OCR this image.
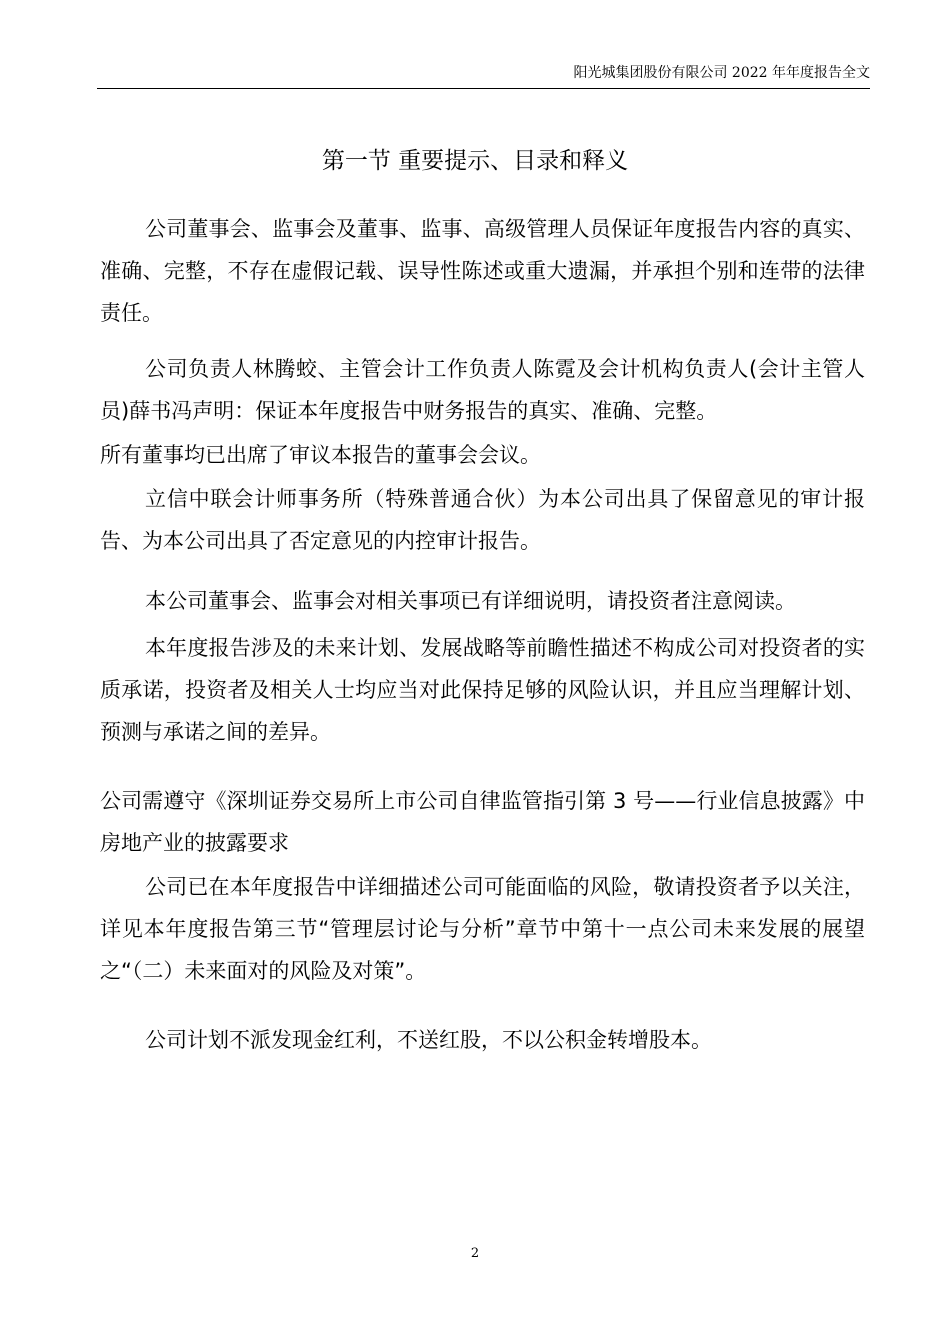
阳光城集团股份有限公司 2022 年年度报告全文
第一节 重要提示、目录和释义

公司董事会、监事会及董事、监事、高级管理人员保证年度报告内容的真实、准确、完整，不存在虚假记载、误导性陈述或重大遗漏，并承担个别和连带的法律责任。

公司负责人林腾蛟、主管会计工作负责人陈霓及会计机构负责人(会计主管人员)薛书冯声明：保证本年度报告中财务报告的真实、准确、完整。

所有董事均已出席了审议本报告的董事会会议。

立信中联会计师事务所（特殊普通合伙）为本公司出具了保留意见的审计报告、为本公司出具了否定意见的内控审计报告。

本公司董事会、监事会对相关事项已有详细说明，请投资者注意阅读。

本年度报告涉及的未来计划、发展战略等前瞻性描述不构成公司对投资者的实质承诺，投资者及相关人士均应当对此保持足够的风险认识，并且应当理解计划、预测与承诺之间的差异。

公司需遵守《深圳证券交易所上市公司自律监管指引第 3 号——行业信息披露》中房地产业的披露要求

公司已在本年度报告中详细描述公司可能面临的风险，敬请投资者予以关注，详见本年度报告第三节“管理层讨论与分析”章节中第十一点公司未来发展的展望之“（二）未来面对的风险及对策”。

公司计划不派发现金红利，不送红股，不以公积金转增股本。

2
